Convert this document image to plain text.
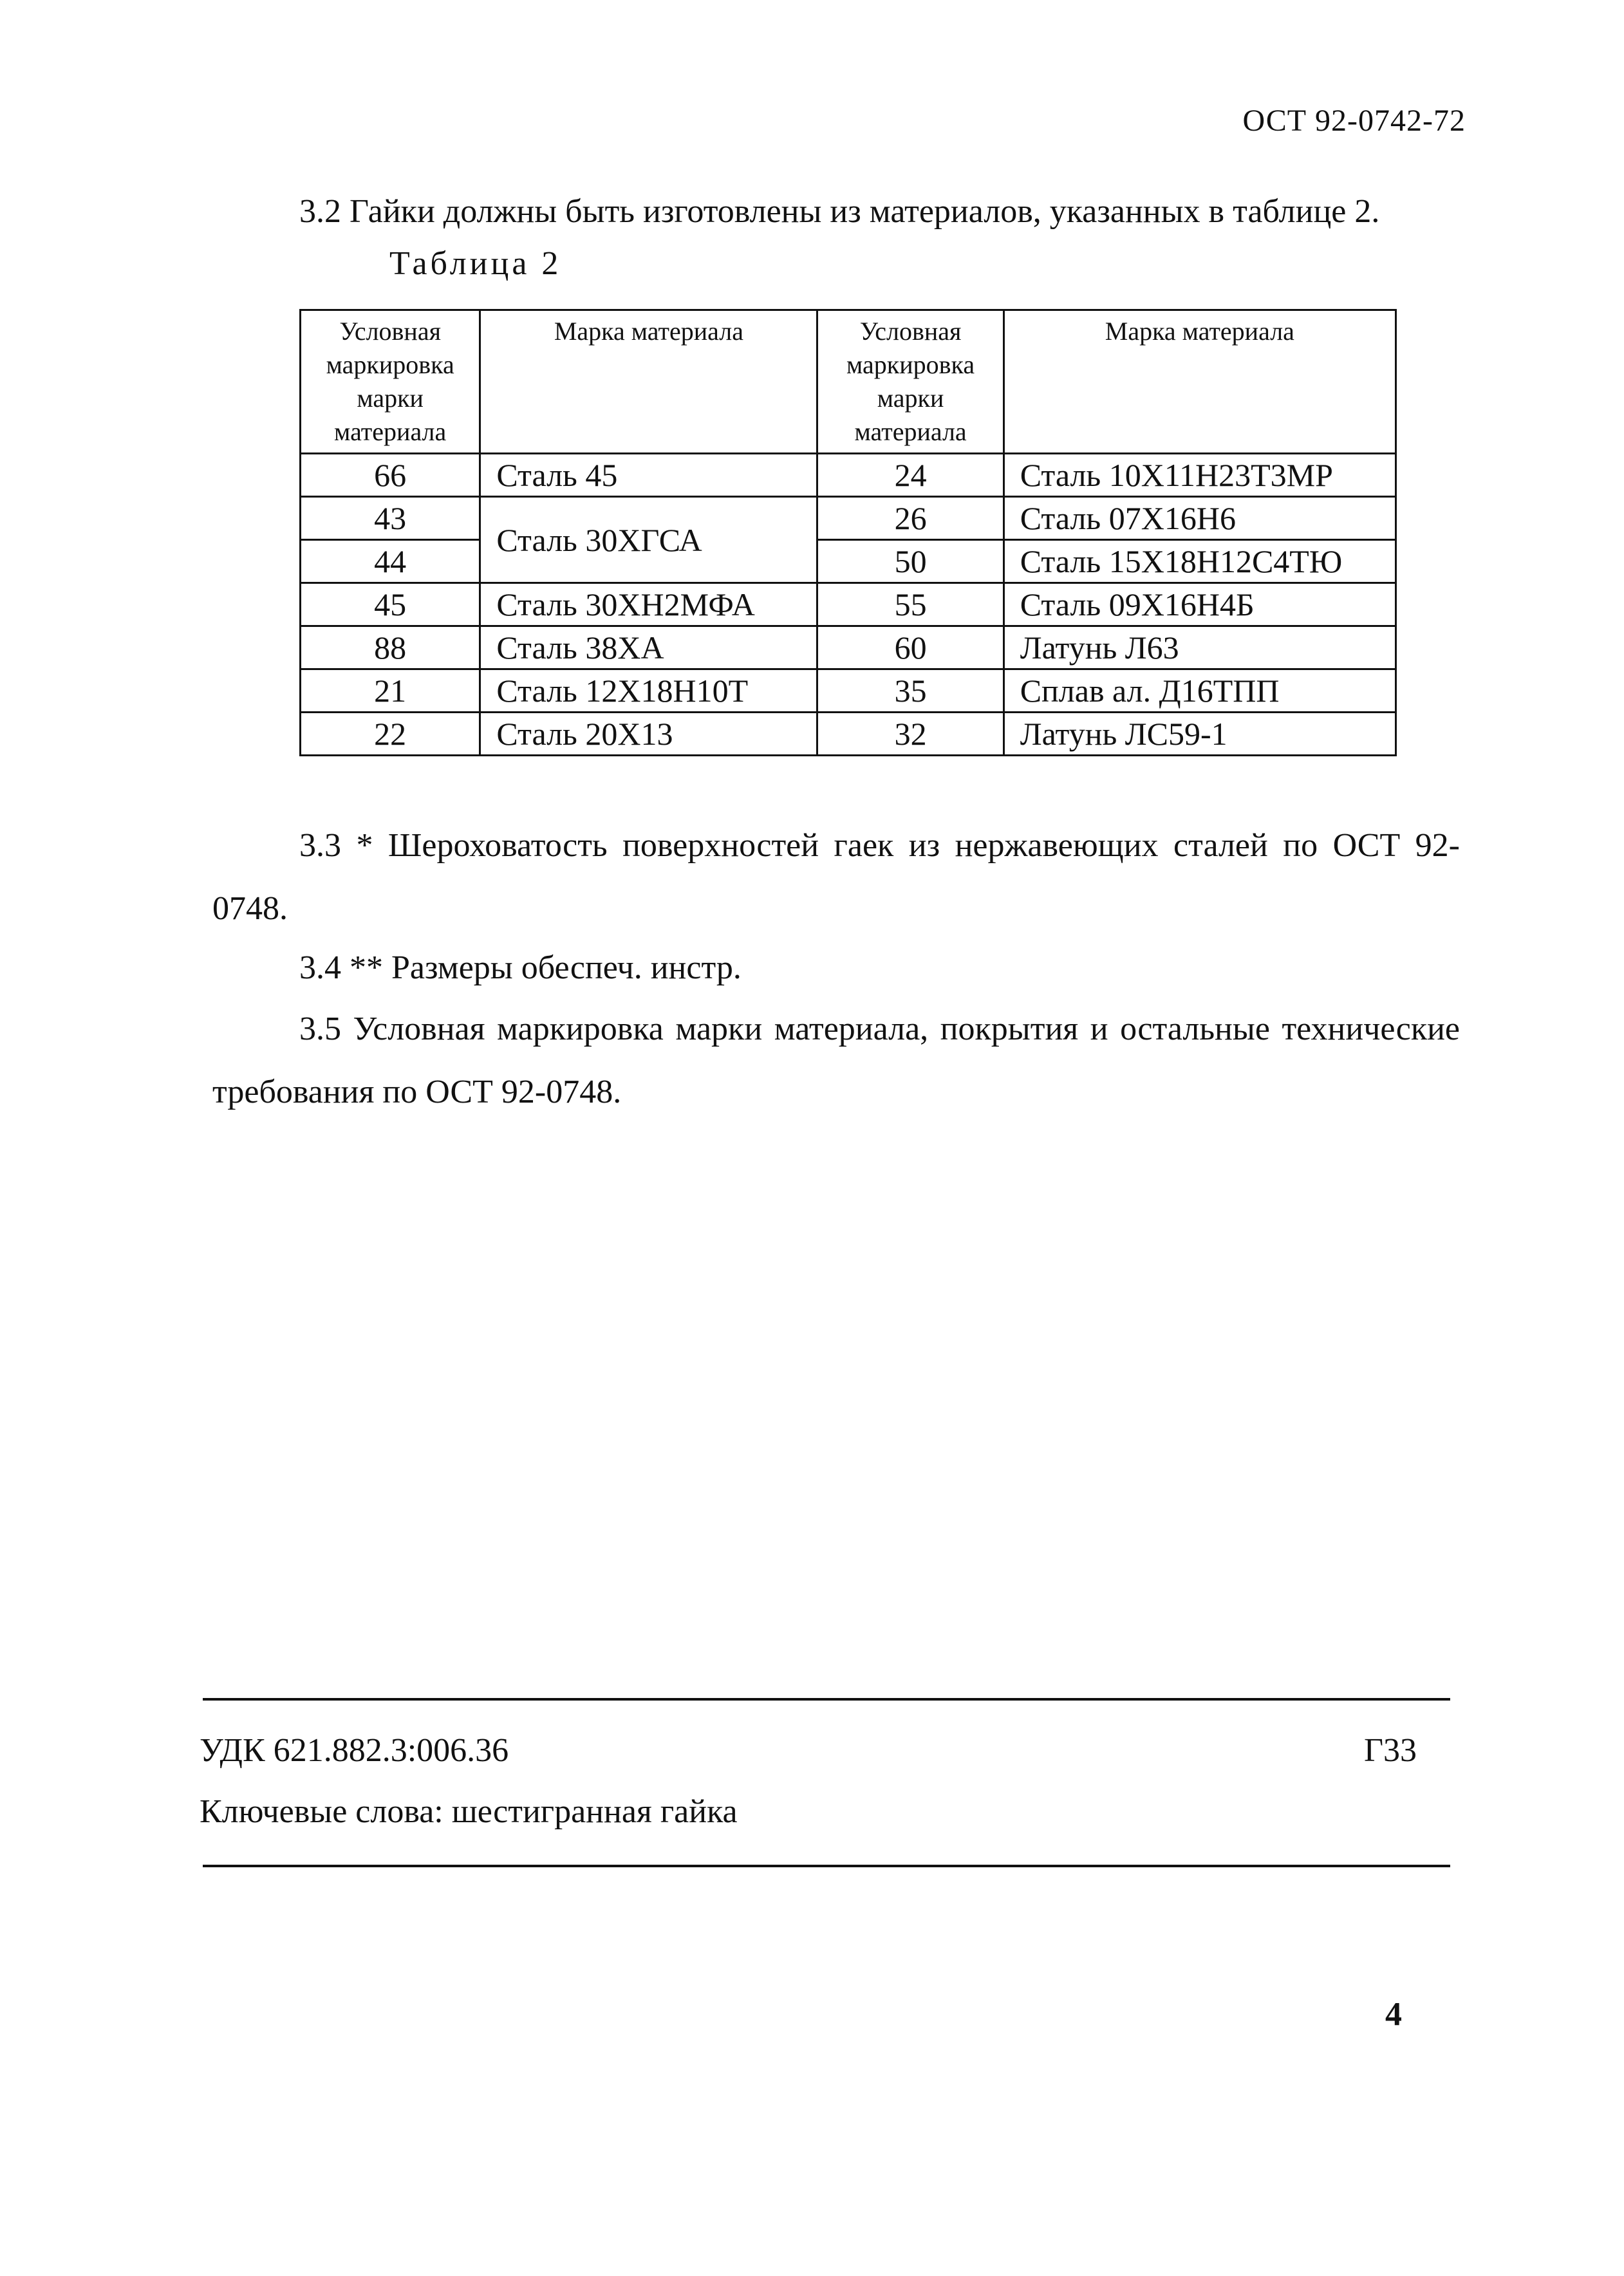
ОСТ 92-0742-72
3.2 Гайки должны быть изготовлены из материалов, указанных в таблице 2.
Таблица 2
Условная маркировка марки материала	Марка материала	Условная маркировка марки материала	Марка материала
66	Сталь 45	24	Сталь 10Х11Н23Т3МР
43	Сталь 30ХГСА	26	Сталь 07Х16Н6
44		50	Сталь 15Х18Н12С4ТЮ
45	Сталь 30ХН2МФА	55	Сталь 09Х16Н4Б
88	Сталь 38ХА	60	Латунь Л63
21	Сталь 12Х18Н10Т	35	Сплав ал. Д16ТПП
22	Сталь 20Х13	32	Латунь ЛС59-1
3.3 * Шероховатость поверхностей гаек из нержавеющих сталей по ОСТ 92-0748.
3.4 ** Размеры обеспеч. инстр.
3.5 Условная маркировка марки материала, покрытия и остальные технические требования по ОСТ 92-0748.
УДК 621.882.3:006.36	Г33
Ключевые слова: шестигранная гайка
4
